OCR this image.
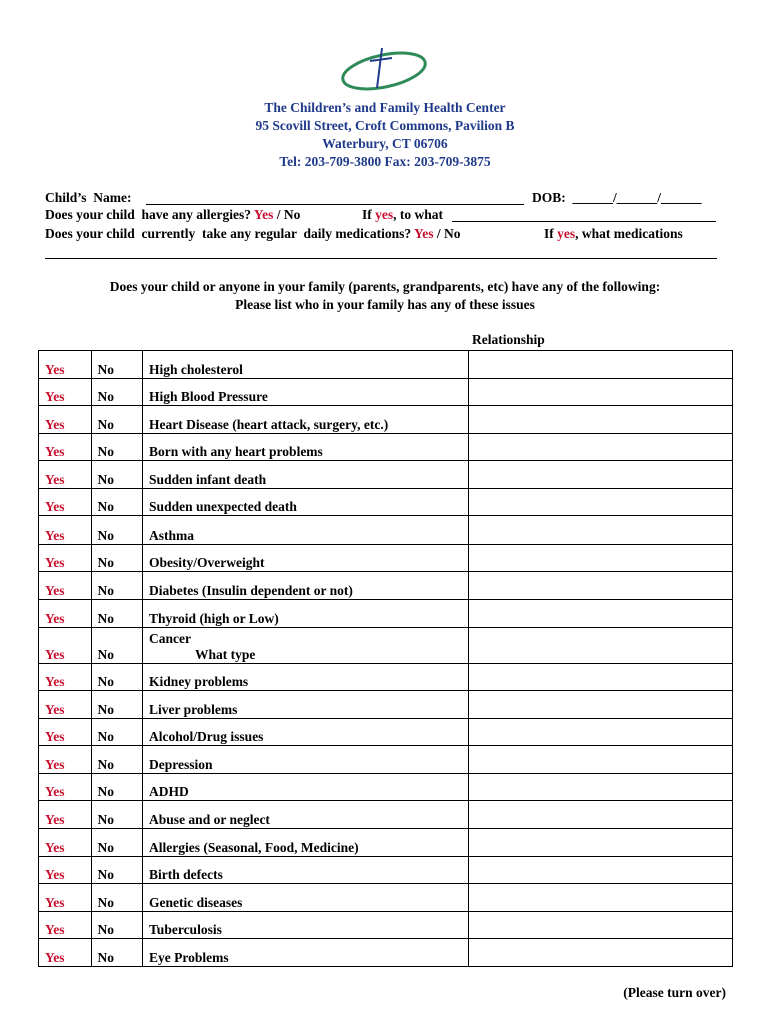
The Children’s and Family Health Center
95 Scovill Street, Croft Commons, Pavilion B
Waterbury, CT 06706
Tel: 203-709-3800 Fax: 203-709-3875
Child’s  Name:	DOB:  ______/______/______
Does your child  have any allergies? Yes / No	If yes, to what
Does your child  currently  take any regular  daily medications? Yes / No	If yes, what medications
Does your child or anyone in your family (parents, grandparents, etc) have any of the following:
Please list who in your family has any of these issues
Relationship
Yes	No	High cholesterol	

Yes	No	High Blood Pressure	

Yes	No	Heart Disease (heart attack, surgery, etc.)	

Yes	No	Born with any heart problems	

Yes	No	Sudden infant death	

Yes	No	Sudden unexpected death	

Yes	No	Asthma	

Yes	No	Obesity/Overweight	

Yes	No	Diabetes (Insulin dependent or not)	

Yes	No	Thyroid (high or Low)	

Yes	No	Cancer
What type	

Yes	No	Kidney problems	

Yes	No	Liver problems	

Yes	No	Alcohol/Drug issues	

Yes	No	Depression	

Yes	No	ADHD	

Yes	No	Abuse and or neglect	

Yes	No	Allergies (Seasonal, Food, Medicine)	

Yes	No	Birth defects	

Yes	No	Genetic diseases	

Yes	No	Tuberculosis	

Yes	No	Eye Problems	

(Please turn over)
